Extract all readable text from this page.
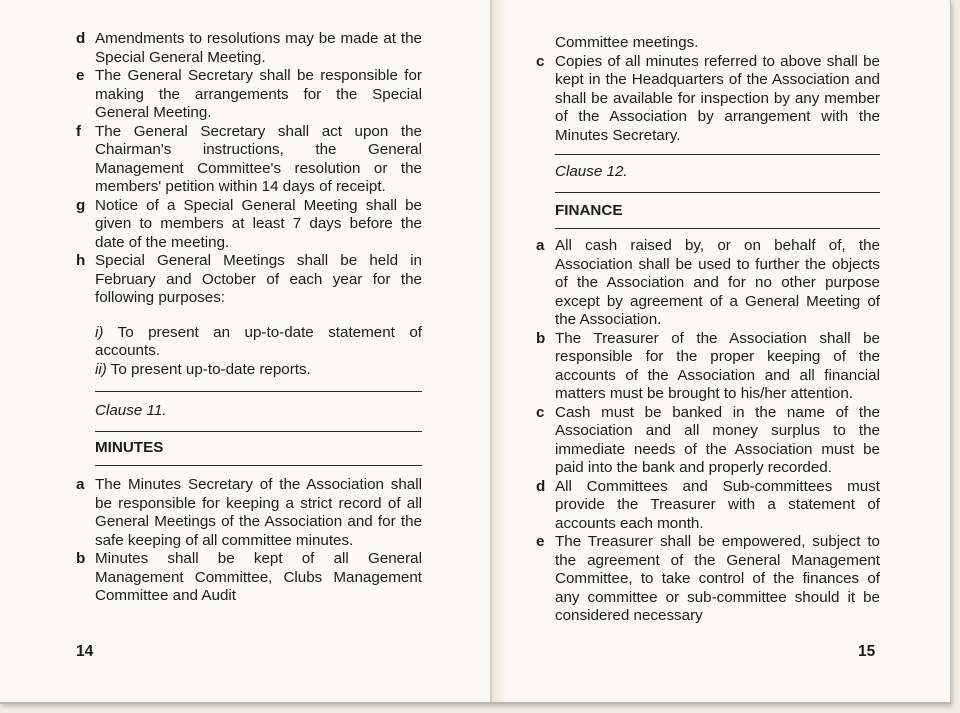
d Amendments to resolutions may be made at the Special General Meeting.

e The General Secretary shall be responsible for making the arrangements for the Special General Meeting.

f The General Secretary shall act upon the Chairman's instructions, the General Management Committee's resolution or the members' petition within 14 days of receipt.

g Notice of a Special General Meeting shall be given to members at least 7 days before the date of the meeting.

h Special General Meetings shall be held in February and October of each year for the following purposes:

i) To present an up-to-date statement of accounts.

ii) To present up-to-date reports.

Clause 11.

MINUTES

a The Minutes Secretary of the Association shall be responsible for keeping a strict record of all General Meetings of the Association and for the safe keeping of all committee minutes.

b Minutes shall be kept of all General Management Committee, Clubs Management Committee and Audit

14

Committee meetings.

c Copies of all minutes referred to above shall be kept in the Headquarters of the Association and shall be available for inspection by any member of the Association by arrangement with the Minutes Secretary.

Clause 12.

FINANCE

a All cash raised by, or on behalf of, the Association shall be used to further the objects of the Association and for no other purpose except by agreement of a General Meeting of the Association.

b The Treasurer of the Association shall be responsible for the proper keeping of the accounts of the Association and all financial matters must be brought to his/her attention.

c Cash must be banked in the name of the Association and all money surplus to the immediate needs of the Association must be paid into the bank and properly recorded.

d All Committees and Sub-committees must provide the Treasurer with a statement of accounts each month.

e The Treasurer shall be empowered, subject to the agreement of the General Management Committee, to take control of the finances of any committee or sub-committee should it be considered necessary

15
